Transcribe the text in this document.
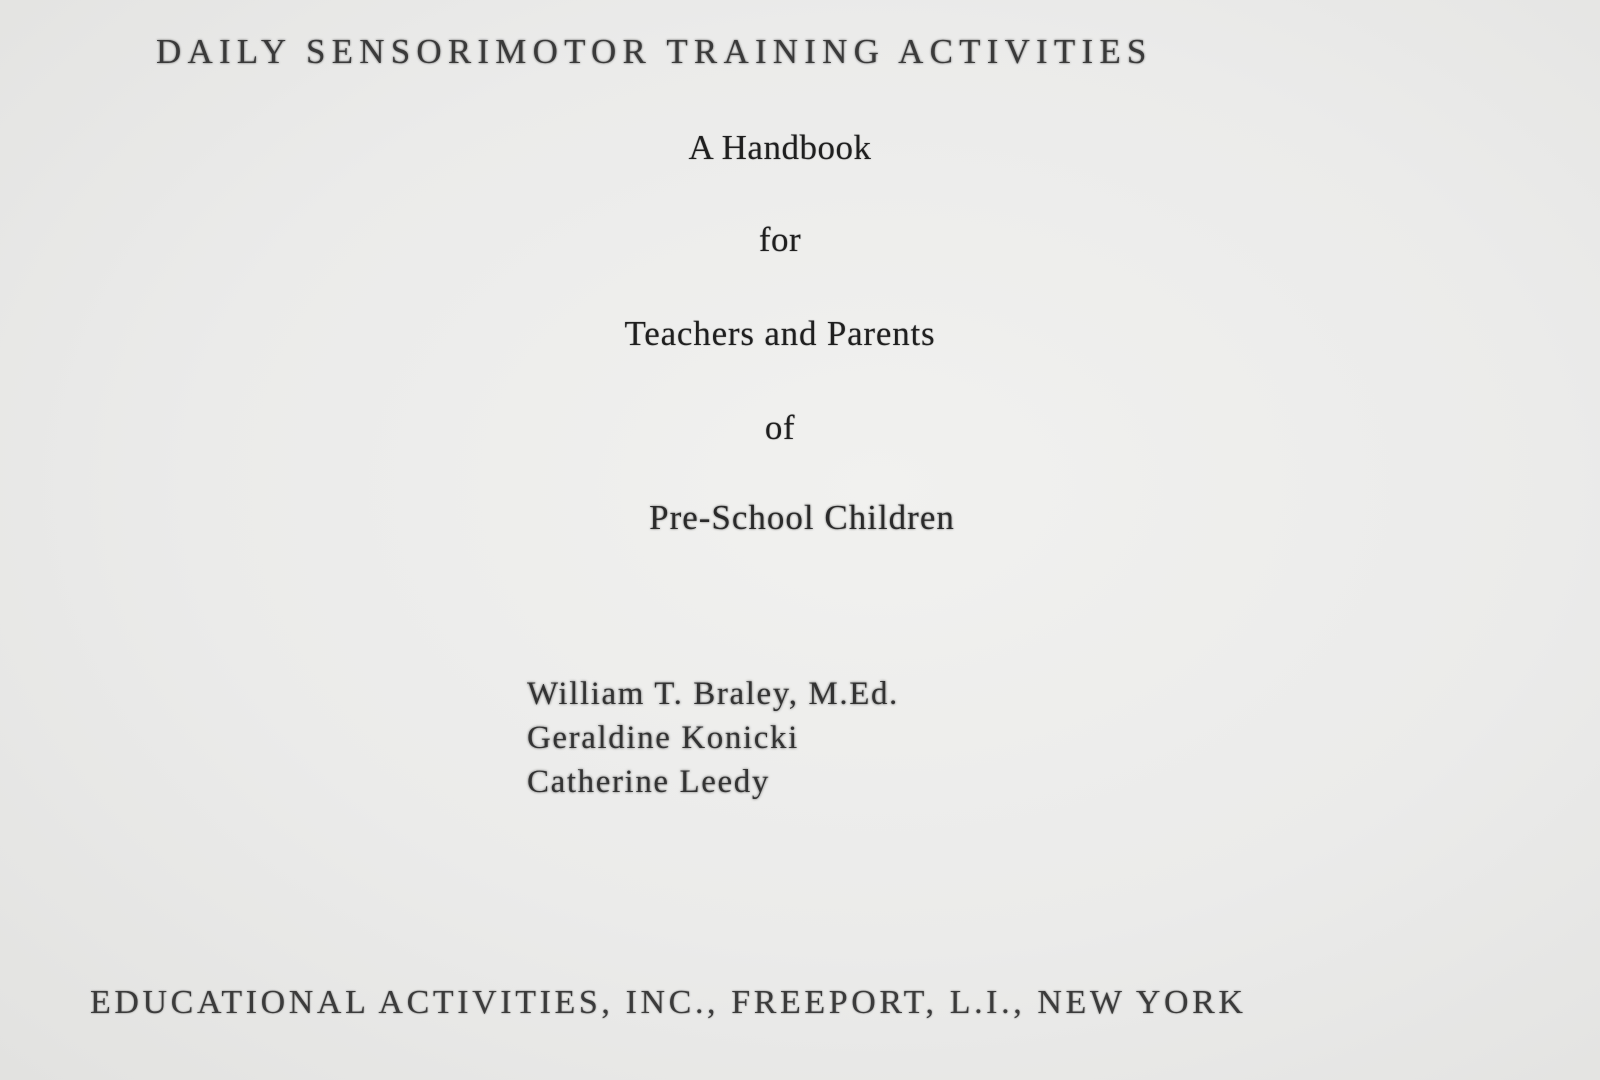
DAILY SENSORIMOTOR TRAINING ACTIVITIES
A Handbook
for
Teachers and Parents
of
Pre-School Children
William T. Braley, M.Ed.
Geraldine Konicki
Catherine Leedy
EDUCATIONAL ACTIVITIES, INC., FREEPORT, L.I., NEW YORK
